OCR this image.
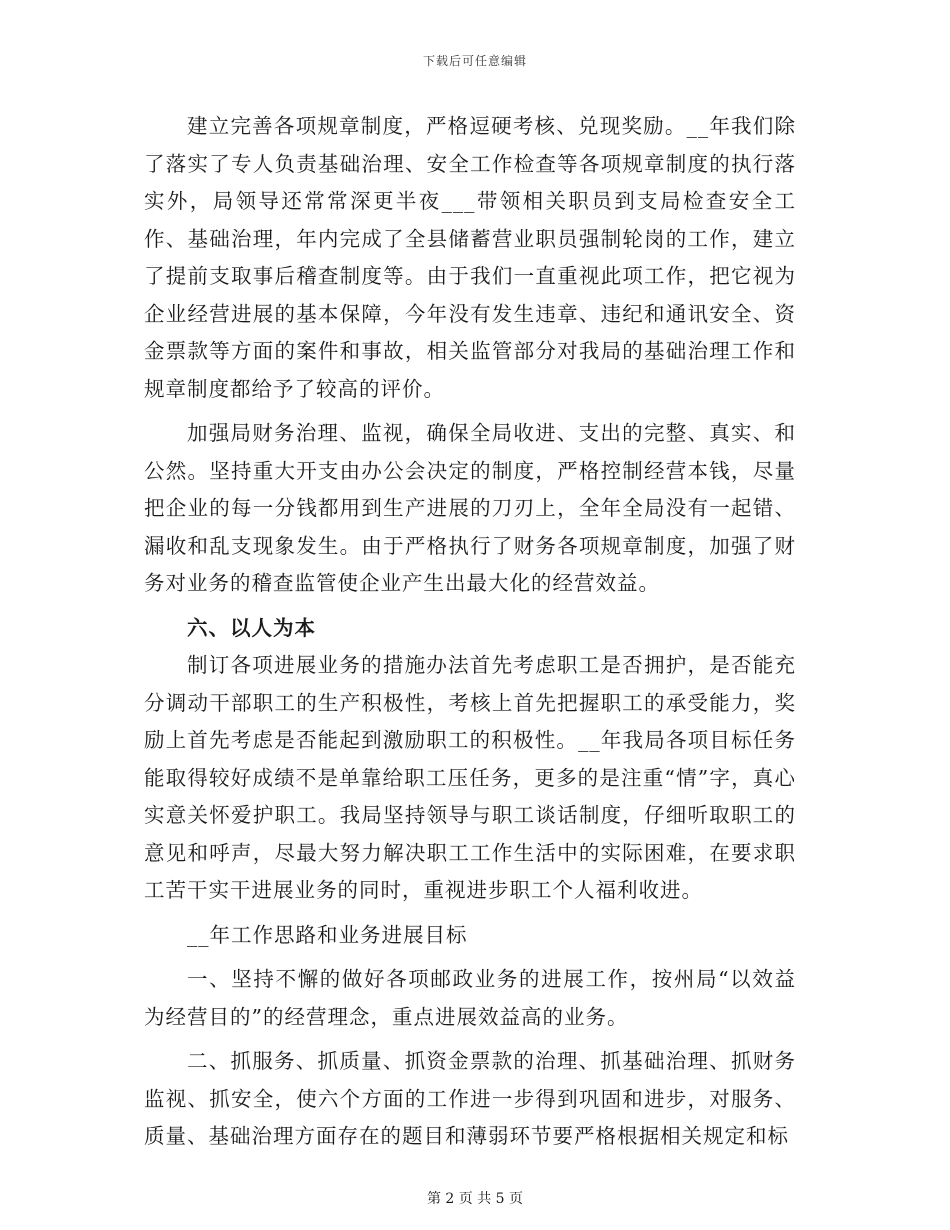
下载后可任意编辑

建立完善各项规章制度，严格逗硬考核、兑现奖励。__年我们除了落实了专人负责基础治理、安全工作检查等各项规章制度的执行落实外，局领导还常常深更半夜___带领相关职员到支局检查安全工作、基础治理，年内完成了全县储蓄营业职员强制轮岗的工作，建立了提前支取事后稽查制度等。由于我们一直重视此项工作，把它视为企业经营进展的基本保障，今年没有发生违章、违纪和通讯安全、资金票款等方面的案件和事故，相关监管部分对我局的基础治理工作和规章制度都给予了较高的评价。

加强局财务治理、监视，确保全局收进、支出的完整、真实、和公然。坚持重大开支由办公会决定的制度，严格控制经营本钱，尽量把企业的每一分钱都用到生产进展的刀刃上，全年全局没有一起错、漏收和乱支现象发生。由于严格执行了财务各项规章制度，加强了财务对业务的稽查监管使企业产生出最大化的经营效益。

六、以人为本

制订各项进展业务的措施办法首先考虑职工是否拥护，是否能充分调动干部职工的生产积极性，考核上首先把握职工的承受能力，奖励上首先考虑是否能起到激励职工的积极性。__年我局各项目标任务能取得较好成绩不是单靠给职工压任务，更多的是注重“情”字，真心实意关怀爱护职工。我局坚持领导与职工谈话制度，仔细听取职工的意见和呼声，尽最大努力解决职工工作生活中的实际困难，在要求职工苦干实干进展业务的同时，重视进步职工个人福利收进。

__年工作思路和业务进展目标

一、坚持不懈的做好各项邮政业务的进展工作，按州局“以效益为经营目的”的经营理念，重点进展效益高的业务。

二、抓服务、抓质量、抓资金票款的治理、抓基础治理、抓财务监视、抓安全，使六个方面的工作进一步得到巩固和进步，对服务、质量、基础治理方面存在的题目和薄弱环节要严格根据相关规定和标

第 2 页 共 5 页
